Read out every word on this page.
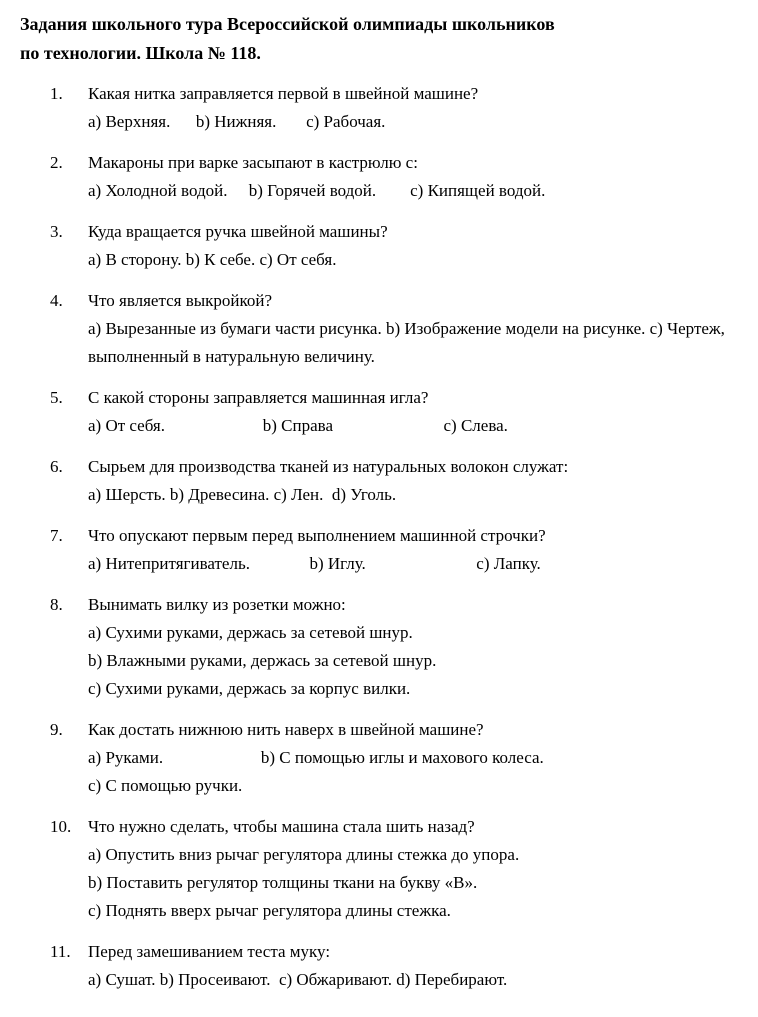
Задания школьного тура Всероссийской олимпиады школьников
по технологии. Школа № 118.
1.	Какая нитка заправляется первой в швейной машине?
a) Верхняя.      b) Нижняя.       c) Рабочая.
2.	Макароны при варке засыпают в кастрюлю с:
a) Холодной водой.     b) Горячей водой.        c) Кипящей водой.
3.	Куда вращается ручка швейной машины?
a) В сторону. b) К себе. c) От себя.
4.	Что является выкройкой?
a) Вырезанные из бумаги части рисунка. b) Изображение модели на рисунке. c) Чертеж, выполненный в натуральную величину.
5.	С какой стороны заправляется машинная игла?
a) От себя.                       b) Справа                          c) Слева.
6.	Сырьем для производства тканей из натуральных волокон служат:
a) Шерсть. b) Древесина. c) Лен.  d) Уголь.
7.	Что опускают первым перед выполнением машинной строчки?
a) Нитепритягиватель.              b) Иглу.                          c) Лапку.
8.	Вынимать вилку из розетки можно:
a) Сухими руками, держась за сетевой шнур.
b) Влажными руками, держась за сетевой шнур.
c) Сухими руками, держась за корпус вилки.
9.	Как достать нижнюю нить наверх в швейной машине?
a) Руками.                       b) С помощью иглы и махового колеса.
c) С помощью ручки.
10. Что нужно сделать, чтобы машина стала шить назад?
a) Опустить вниз рычаг регулятора длины стежка до упора.
b) Поставить регулятор толщины ткани на букву «В».
c) Поднять вверх рычаг регулятора длины стежка.
11.	Перед замешиванием теста муку:
a) Сушат. b) Просеивают.  c) Обжаривают. d) Перебирают.
